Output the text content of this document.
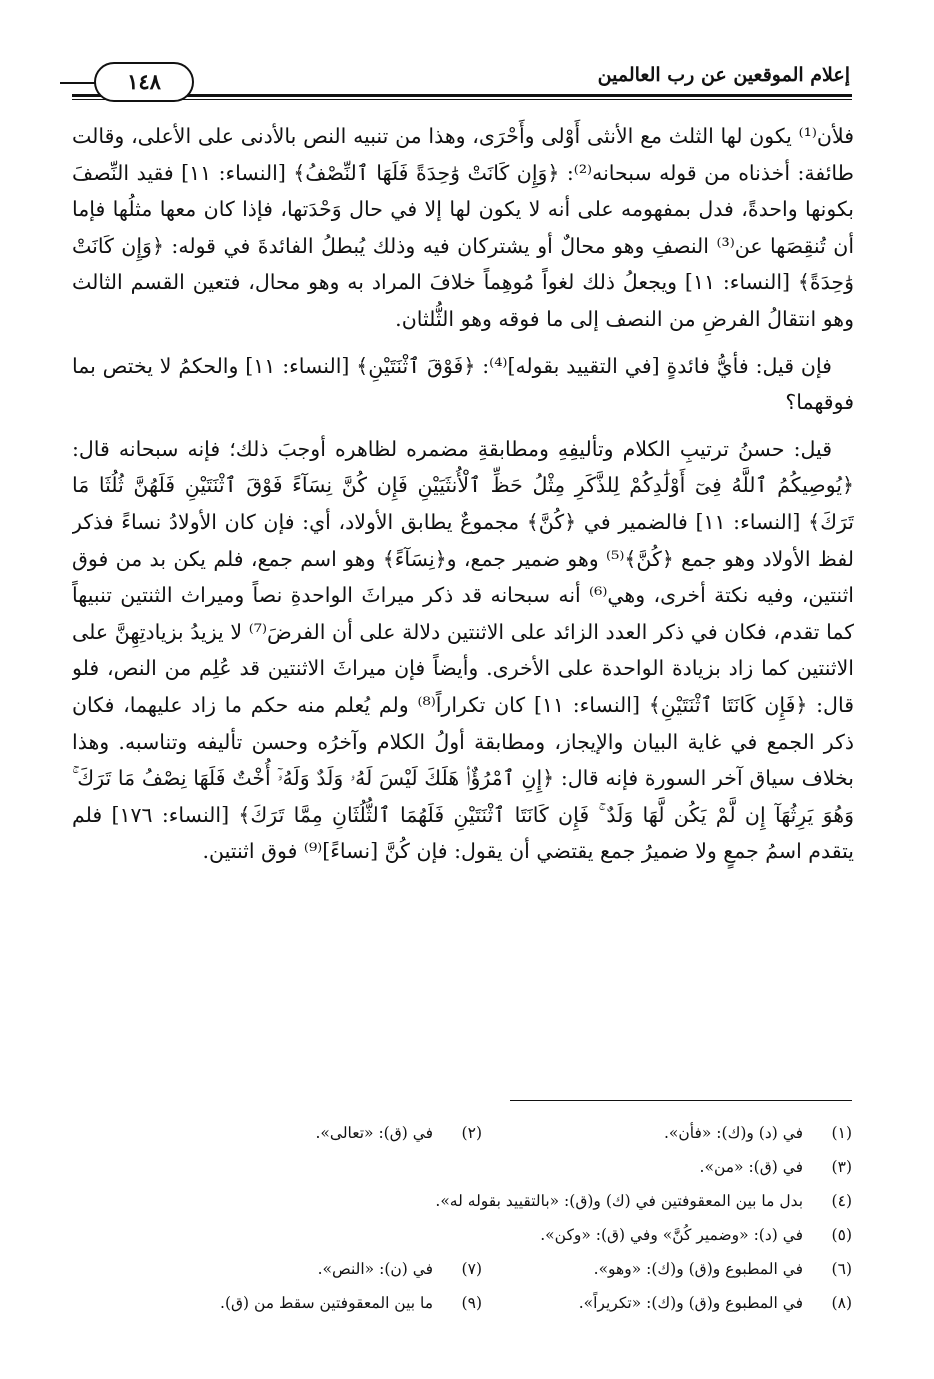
١٤٨	إعلام الموقعين عن رب العالمين

فلأن⁽¹⁾ يكون لها الثلث مع الأنثى أَوْلى وأَحْرَى، وهذا من تنبيه النص بالأدنى على الأعلى، وقالت طائفة: أخذناه من قوله سبحانه⁽²⁾: ﴿وَإِن كَانَتْ وَٰحِدَةً فَلَهَا ٱلنِّصْفُ﴾ [النساء: ١١] فقيد النِّصفَ بكونها واحدةً، فدل بمفهومه على أنه لا يكون لها إلا في حال وَحْدَتها، فإذا كان معها مثلُها فإما أن تُنقِصَها عن⁽³⁾ النصفِ وهو محالٌ أو يشتركان فيه وذلك يُبطلُ الفائدةَ في قوله: ﴿وَإِن كَانَتْ وَٰحِدَةً﴾ [النساء: ١١] ويجعلُ ذلك لغواً مُوهِماً خلافَ المراد به وهو محال، فتعين القسم الثالث وهو انتقالُ الفرضِ من النصف إلى ما فوقه وهو الثُّلثان.

فإن قيل: فأيُّ فائدةٍ [في التقييد بقوله]⁽⁴⁾: ﴿فَوْقَ ٱثْنَتَيْنِ﴾ [النساء: ١١] والحكمُ لا يختص بما فوقهما؟

قيل: حسنُ ترتيبِ الكلام وتأليفِهِ ومطابقةِ مضمره لظاهره أوجبَ ذلك؛ فإنه سبحانه قال: ﴿يُوصِيكُمُ ٱللَّهُ فِىٓ أَوْلَٰدِكُمْ لِلذَّكَرِ مِثْلُ حَظِّ ٱلْأُنثَيَيْنِ فَإِن كُنَّ نِسَآءً فَوْقَ ٱثْنَتَيْنِ فَلَهُنَّ ثُلُثَا مَا تَرَكَ﴾ [النساء: ١١] فالضمير في ﴿كُنَّ﴾ مجموعٌ يطابق الأولاد، أي: فإن كان الأولادُ نساءً فذكر لفظ الأولاد وهو جمع ﴿كُنَّ﴾⁽⁵⁾ وهو ضمير جمع، و﴿نِسَآءً﴾ وهو اسم جمع، فلم يكن بد من فوق اثنتين، وفيه نكتة أخرى، وهي⁽⁶⁾ أنه سبحانه قد ذكر ميراثَ الواحدةِ نصاً وميراث الثنتين تنبيهاً كما تقدم، فكان في ذكر العدد الزائد على الاثنتين دلالة على أن الفرضَ⁽⁷⁾ لا يزيدُ بزيادتِهِنَّ على الاثنتين كما زاد بزيادة الواحدة على الأخرى. وأيضاً فإن ميراثَ الاثنتين قد عُلِم من النص، فلو قال: ﴿فَإِن كَانَتَا ٱثْنَتَيْنِ﴾ [النساء: ١١] كان تكراراً⁽⁸⁾ ولم يُعلم منه حكم ما زاد عليهما، فكان ذكر الجمع في غاية البيان والإيجاز، ومطابقة أولُ الكلام وآخرُه وحسن تأليفه وتناسبه. وهذا بخلاف سياق آخر السورة فإنه قال: ﴿إِنِ ٱمْرُؤٌا۟ هَلَكَ لَيْسَ لَهُۥ وَلَدٌ وَلَهُۥٓ أُخْتٌ فَلَهَا نِصْفُ مَا تَرَكَ ۚ وَهُوَ يَرِثُهَآ إِن لَّمْ يَكُن لَّهَا وَلَدٌ ۚ فَإِن كَانَتَا ٱثْنَتَيْنِ فَلَهُمَا ٱلثُّلُثَانِ مِمَّا تَرَكَ﴾ [النساء: ١٧٦] فلم يتقدم اسمُ جمعٍ ولا ضميرُ جمع يقتضي أن يقول: فإن كُنَّ [نساءً]⁽⁹⁾ فوق اثنتين.

(١) في (د) و(ك): «فأن».
(٢) في (ق): «تعالى».
(٣) في (ق): «من».
(٤) بدل ما بين المعقوفتين في (ك) و(ق): «بالتقييد بقوله له».
(٥) في (د): «وضمير كُنَّ» وفي (ق): «وكن».
(٦) في المطبوع و(ق) و(ك): «وهو».
(٧) في (ن): «النص».
(٨) في المطبوع و(ق) و(ك): «تكريراً».
(٩) ما بين المعقوفتين سقط من (ق).
